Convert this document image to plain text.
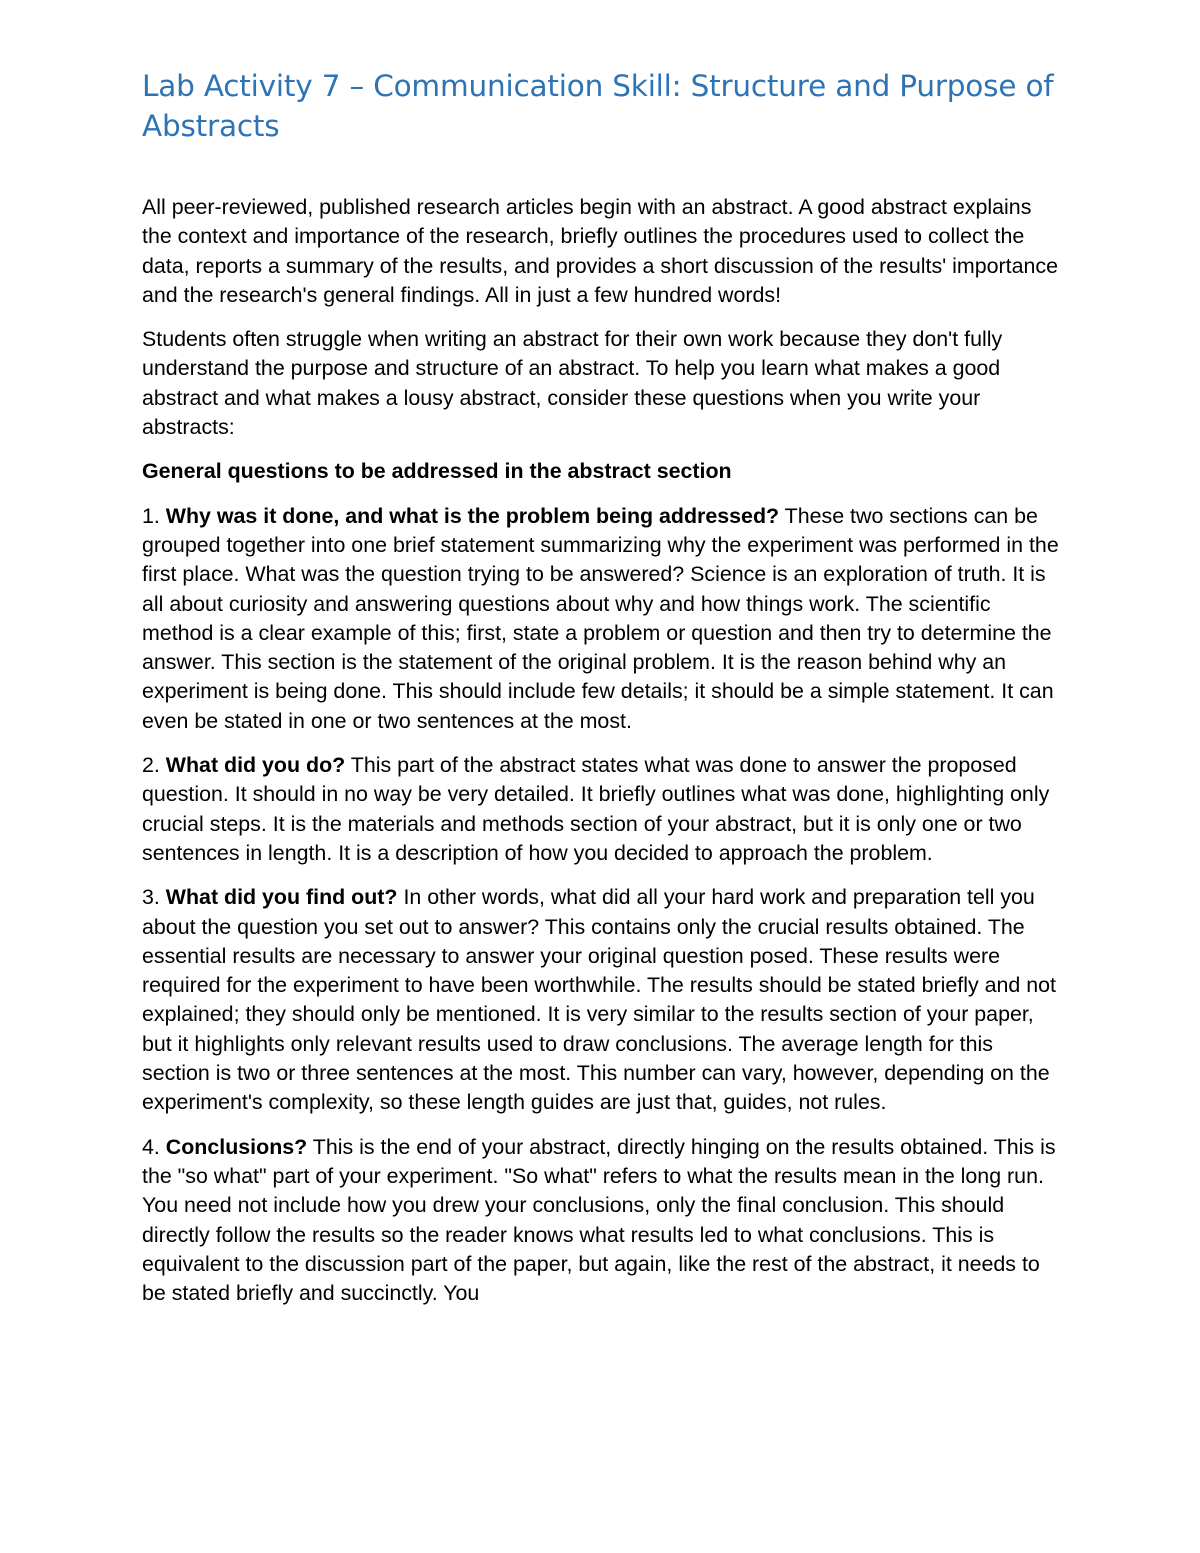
Lab Activity 7 – Communication Skill: Structure and Purpose of Abstracts

All peer-reviewed, published research articles begin with an abstract. A good abstract explains the context and importance of the research, briefly outlines the procedures used to collect the data, reports a summary of the results, and provides a short discussion of the results' importance and the research's general findings. All in just a few hundred words!

Students often struggle when writing an abstract for their own work because they don't fully understand the purpose and structure of an abstract. To help you learn what makes a good abstract and what makes a lousy abstract, consider these questions when you write your abstracts:

General questions to be addressed in the abstract section

1. Why was it done, and what is the problem being addressed? These two sections can be grouped together into one brief statement summarizing why the experiment was performed in the first place. What was the question trying to be answered? Science is an exploration of truth. It is all about curiosity and answering questions about why and how things work. The scientific method is a clear example of this; first, state a problem or question and then try to determine the answer. This section is the statement of the original problem. It is the reason behind why an experiment is being done. This should include few details; it should be a simple statement. It can even be stated in one or two sentences at the most.

2. What did you do? This part of the abstract states what was done to answer the proposed question. It should in no way be very detailed. It briefly outlines what was done, highlighting only crucial steps. It is the materials and methods section of your abstract, but it is only one or two sentences in length. It is a description of how you decided to approach the problem.

3. What did you find out? In other words, what did all your hard work and preparation tell you about the question you set out to answer? This contains only the crucial results obtained. The essential results are necessary to answer your original question posed. These results were required for the experiment to have been worthwhile. The results should be stated briefly and not explained; they should only be mentioned. It is very similar to the results section of your paper, but it highlights only relevant results used to draw conclusions. The average length for this section is two or three sentences at the most. This number can vary, however, depending on the experiment's complexity, so these length guides are just that, guides, not rules.

4. Conclusions? This is the end of your abstract, directly hinging on the results obtained. This is the "so what" part of your experiment. "So what" refers to what the results mean in the long run. You need not include how you drew your conclusions, only the final conclusion. This should directly follow the results so the reader knows what results led to what conclusions. This is equivalent to the discussion part of the paper, but again, like the rest of the abstract, it needs to be stated briefly and succinctly. You
